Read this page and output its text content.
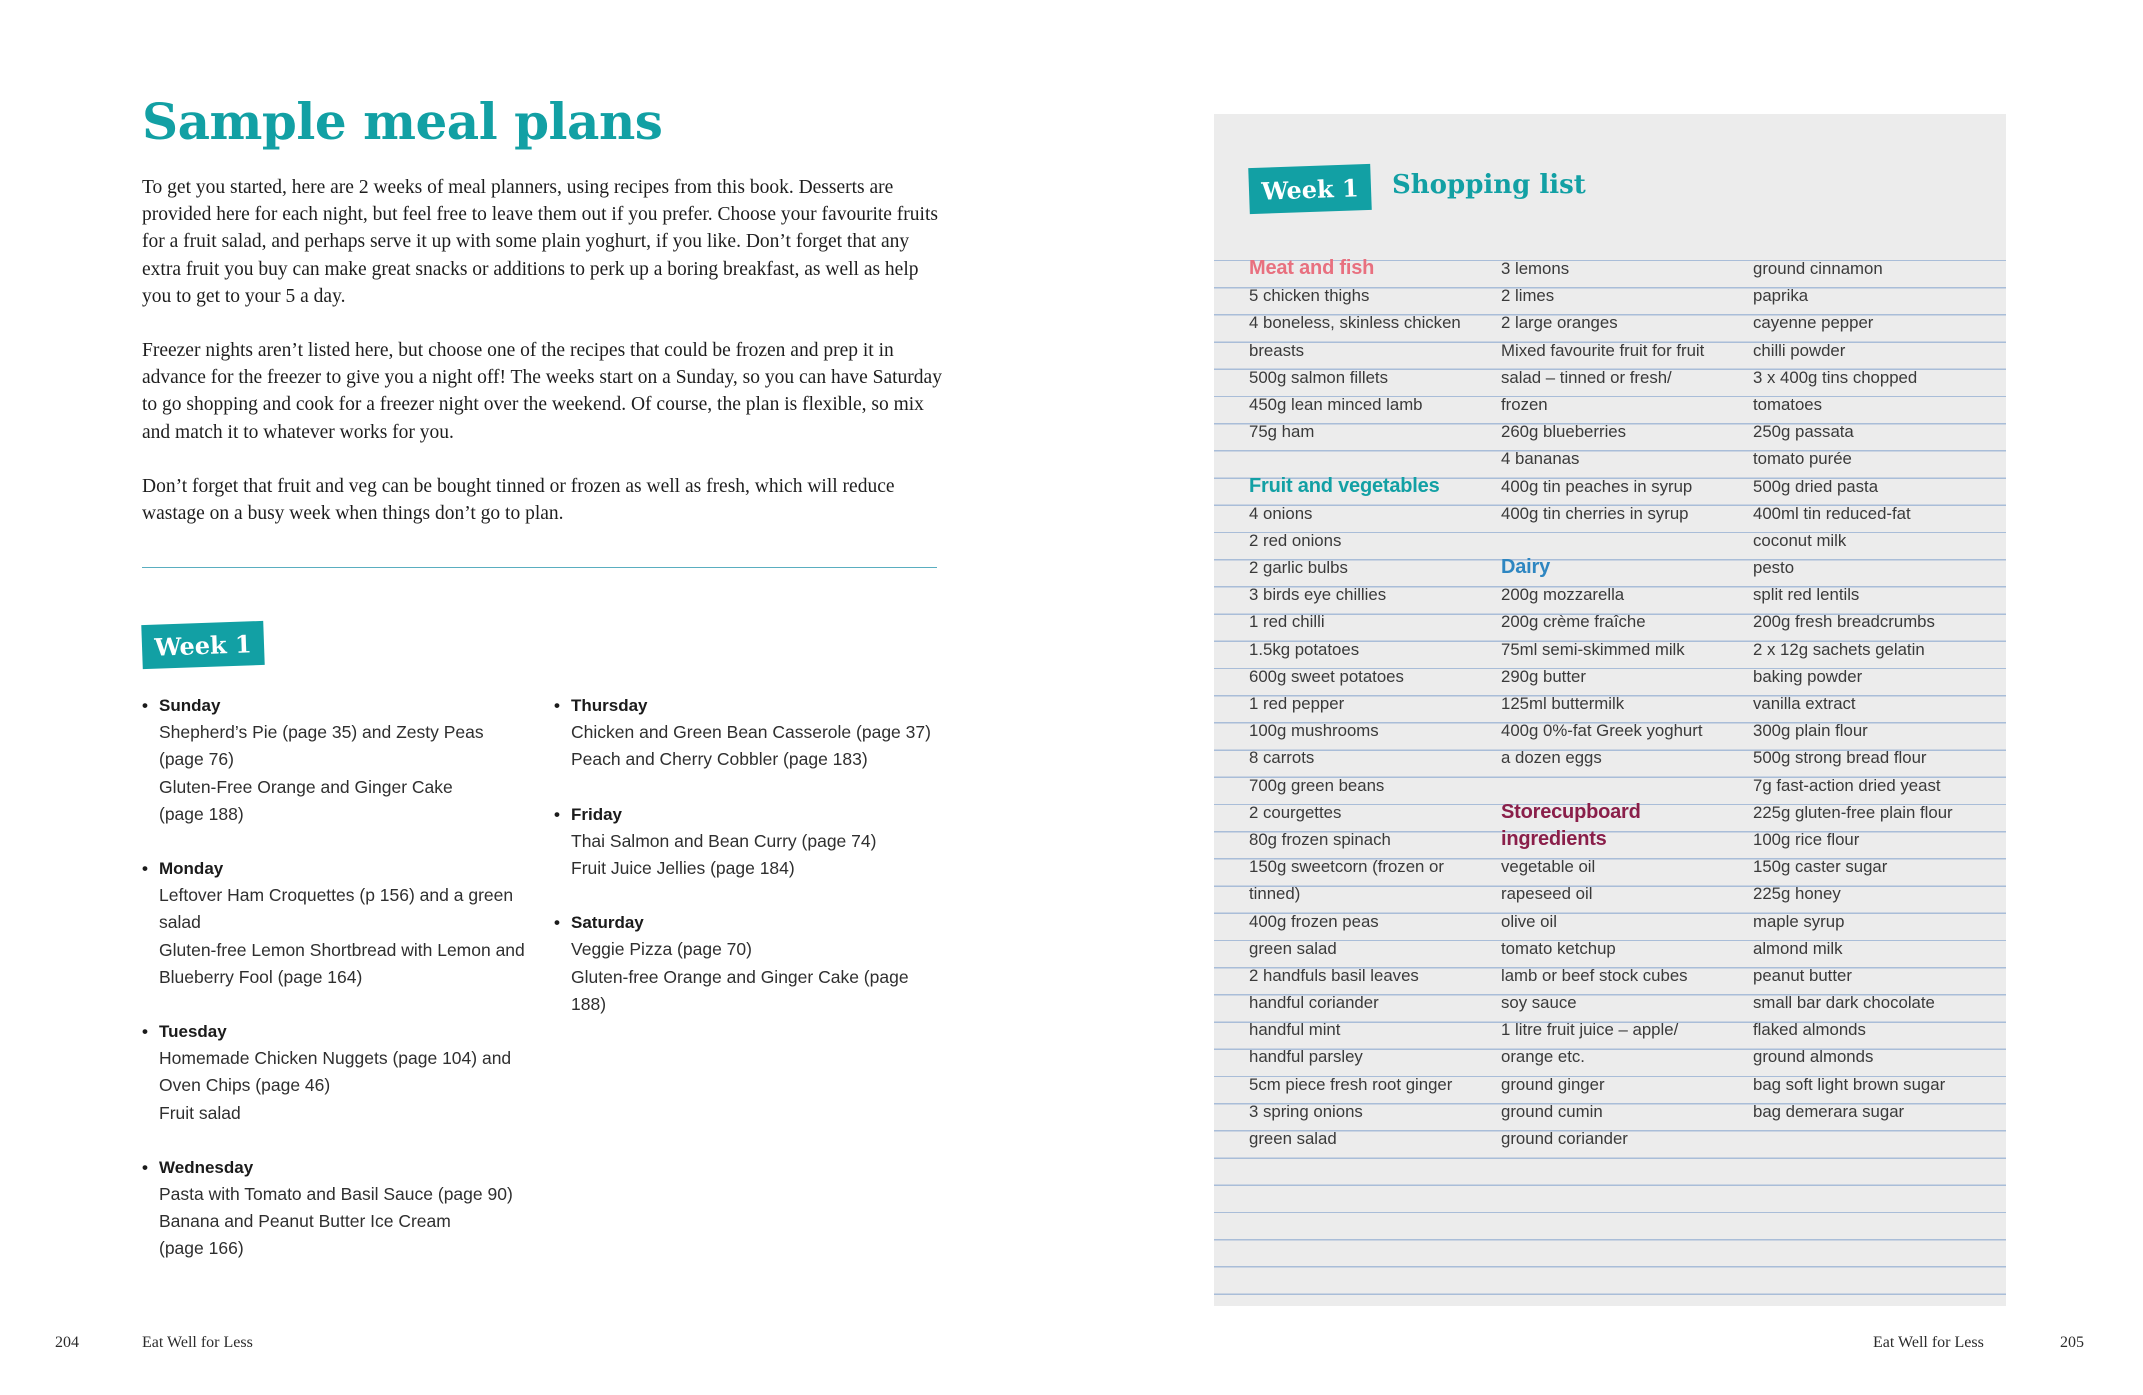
Sample meal plans

To get you started, here are 2 weeks of meal planners, using recipes from this book. Desserts are provided here for each night, but feel free to leave them out if you prefer. Choose your favourite fruits for a fruit salad, and perhaps serve it up with some plain yoghurt, if you like. Don’t forget that any extra fruit you buy can make great snacks or additions to perk up a boring breakfast, as well as help you to get to your 5 a day.

Freezer nights aren’t listed here, but choose one of the recipes that could be frozen and prep it in advance for the freezer to give you a night off! The weeks start on a Sunday, so you can have Saturday to go shopping and cook for a freezer night over the weekend. Of course, the plan is flexible, so mix and match it to whatever works for you.

Don’t forget that fruit and veg can be bought tinned or frozen as well as fresh, which will reduce wastage on a busy week when things don’t go to plan.

Week 1
• Sunday
Shepherd’s Pie (page 35) and Zesty Peas
(page 76)
Gluten-Free Orange and Ginger Cake
(page 188)
• Monday
Leftover Ham Croquettes (p 156) and a green
salad
Gluten-free Lemon Shortbread with Lemon and
Blueberry Fool (page 164)
• Tuesday
Homemade Chicken Nuggets (page 104) and
Oven Chips (page 46)
Fruit salad
• Wednesday
Pasta with Tomato and Basil Sauce (page 90)
Banana and Peanut Butter Ice Cream
(page 166)
• Thursday
Chicken and Green Bean Casserole (page 37)
Peach and Cherry Cobbler (page 183)
• Friday
Thai Salmon and Bean Curry (page 74)
Fruit Juice Jellies (page 184)
• Saturday
Veggie Pizza (page 70)
Gluten-free Orange and Ginger Cake (page
188)
204	Eat Well for Less
Week 1	Shopping list
Meat and fish
5 chicken thighs
4 boneless, skinless chicken
breasts
500g salmon fillets
450g lean minced lamb
75g ham
Fruit and vegetables
4 onions
2 red onions
2 garlic bulbs
3 birds eye chillies
1 red chilli
1.5kg potatoes
600g sweet potatoes
1 red pepper
100g mushrooms
8 carrots
700g green beans
2 courgettes
80g frozen spinach
150g sweetcorn (frozen or
tinned)
400g frozen peas
green salad
2 handfuls basil leaves
handful coriander
handful mint
handful parsley
5cm piece fresh root ginger
3 spring onions
green salad
3 lemons
2 limes
2 large oranges
Mixed favourite fruit for fruit
salad – tinned or fresh/
frozen
260g blueberries
4 bananas
400g tin peaches in syrup
400g tin cherries in syrup
Dairy
200g mozzarella
200g crème fraîche
75ml semi-skimmed milk
290g butter
125ml buttermilk
400g 0%-fat Greek yoghurt
a dozen eggs
Storecupboard
ingredients
vegetable oil
rapeseed oil
olive oil
tomato ketchup
lamb or beef stock cubes
soy sauce
1 litre fruit juice – apple/
orange etc.
ground ginger
ground cumin
ground coriander
ground cinnamon
paprika
cayenne pepper
chilli powder
3 x 400g tins chopped
tomatoes
250g passata
tomato purée
500g dried pasta
400ml tin reduced-fat
coconut milk
pesto
split red lentils
200g fresh breadcrumbs
2 x 12g sachets gelatin
baking powder
vanilla extract
300g plain flour
500g strong bread flour
7g fast-action dried yeast
225g gluten-free plain flour
100g rice flour
150g caster sugar
225g honey
maple syrup
almond milk
peanut butter
small bar dark chocolate
flaked almonds
ground almonds
bag soft light brown sugar
bag demerara sugar
Eat Well for Less	205
